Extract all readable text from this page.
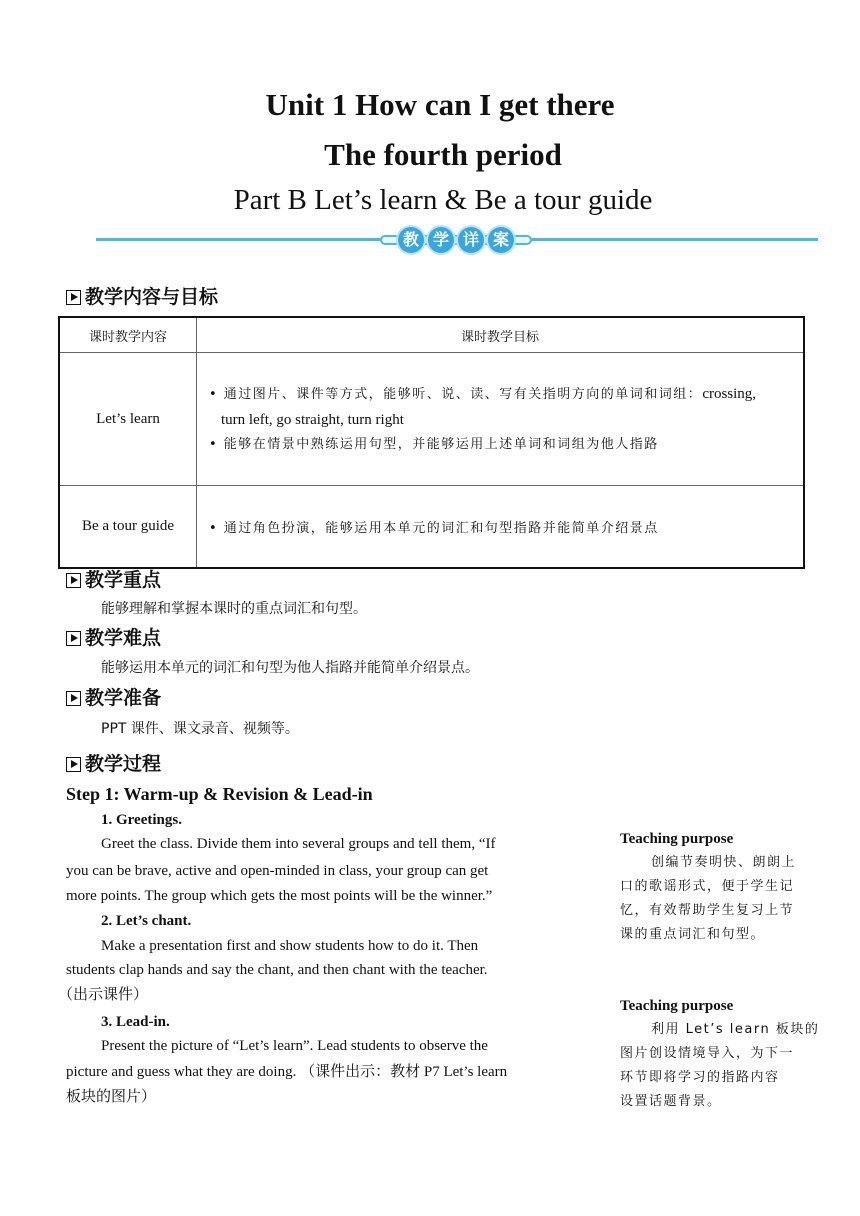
Unit 1 How can I get there
The fourth period
Part B Let’s learn & Be a tour guide
教 学 详 案
教学内容与目标
课时教学内容	课时教学目标
Let’s learn	• 通过图片、课件等方式，能够听、说、读、写有关指明方向的单词和词组：crossing,
turn left, go straight, turn right
• 能够在情景中熟练运用句型，并能够运用上述单词和词组为他人指路

Be a tour guide	• 通过角色扮演，能够运用本单元的词汇和句型指路并能简单介绍景点
教学重点
能够理解和掌握本课时的重点词汇和句型。
教学难点
能够运用本单元的词汇和句型为他人指路并能简单介绍景点。
教学准备
PPT 课件、课文录音、视频等。
教学过程
Step 1: Warm-up & Revision & Lead-in
1. Greetings.
Greet the class. Divide them into several groups and tell them, “If
you can be brave, active and open-minded in class, your group can get
more points. The group which gets the most points will be the winner.”
2. Let’s chant.
Make a presentation first and show students how to do it. Then
students clap hands and say the chant, and then chant with the teacher.
（出示课件）
3. Lead-in.
Present the picture of “Let’s learn”. Lead students to observe the
picture and guess what they are doing. （课件出示：教材 P7 Let’s learn
板块的图片）
Teaching purpose
创编节奏明快、朗朗上
口的歌谣形式，便于学生记
忆，有效帮助学生复习上节
课的重点词汇和句型。
Teaching purpose
利用 Let’s learn 板块的
图片创设情境导入，为下一
环节即将学习的指路内容
设置话题背景。
